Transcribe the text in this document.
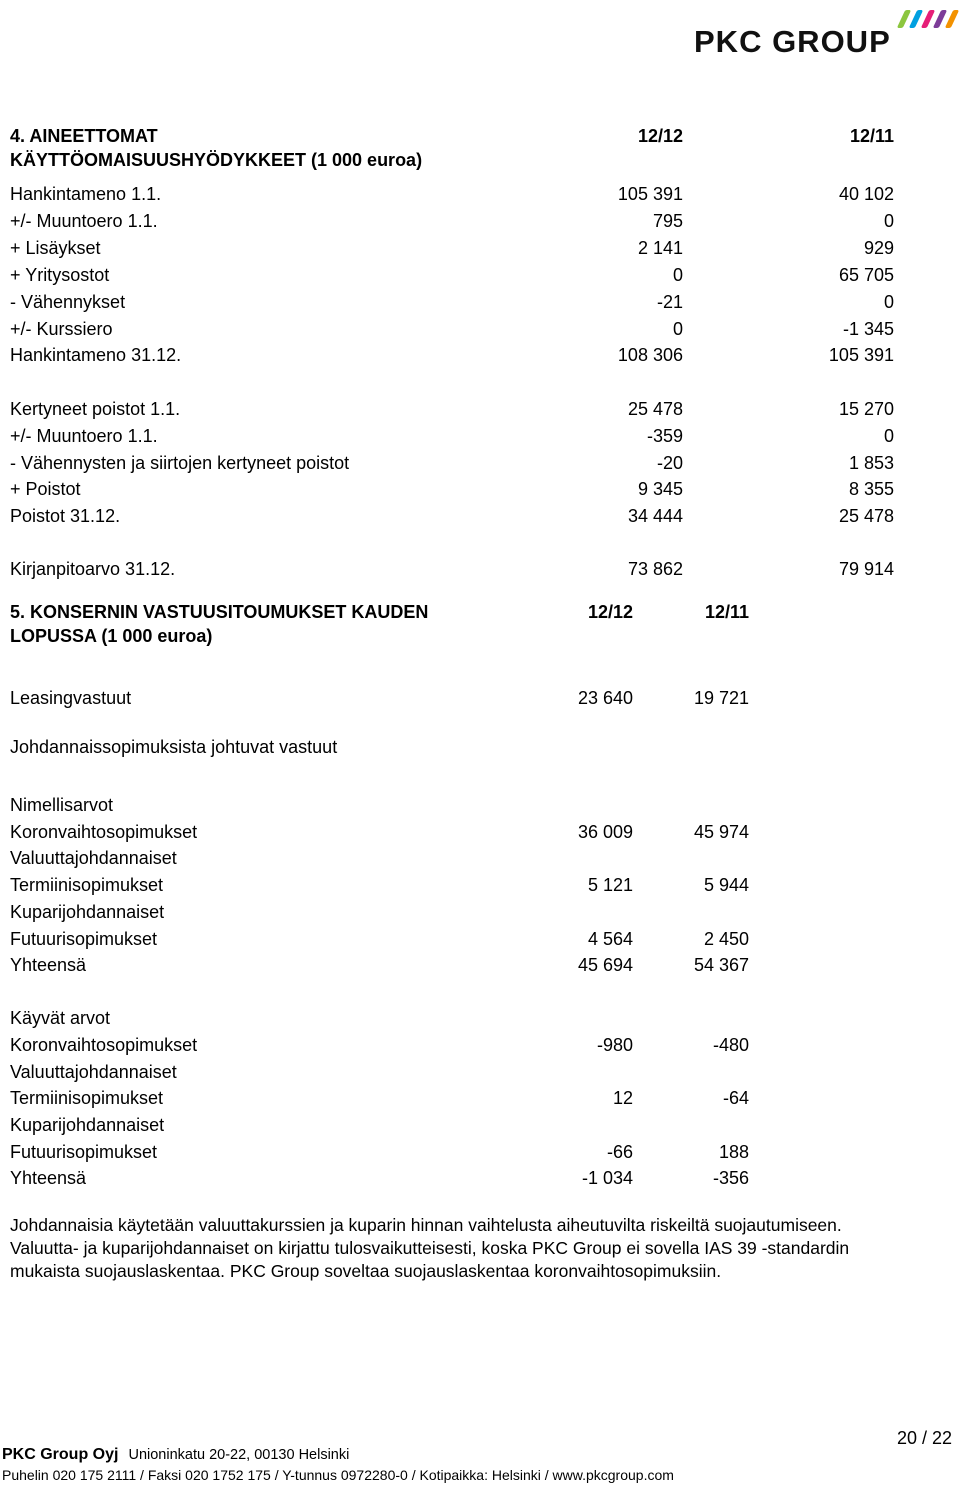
PKC GROUP
4. AINEETTOMAT	12/12	12/11
KÄYTTÖOMAISUUSHYÖDYKKEET (1 000 euroa)
Hankintameno 1.1.	105 391	40 102
+/- Muuntoero 1.1.	795	0
+ Lisäykset	2 141	929
+ Yritysostot	0	65 705
- Vähennykset	-21	0
+/- Kurssiero	0	-1 345
Hankintameno 31.12.	108 306	105 391
Kertyneet poistot 1.1.	25 478	15 270
+/- Muuntoero 1.1.	-359	0
- Vähennysten ja siirtojen kertyneet poistot	-20	1 853
+ Poistot	9 345	8 355
Poistot 31.12.	34 444	25 478
Kirjanpitoarvo 31.12.	73 862	79 914
5. KONSERNIN VASTUUSITOUMUKSET KAUDEN	12/12	12/11
LOPUSSA (1 000 euroa)
Leasingvastuut	23 640	19 721
Johdannaissopimuksista johtuvat vastuut
Nimellisarvot
Koronvaihtosopimukset	36 009	45 974
Valuuttajohdannaiset
Termiinisopimukset	5 121	5 944
Kuparijohdannaiset
Futuurisopimukset	4 564	2 450
Yhteensä	45 694	54 367
Käyvät arvot
Koronvaihtosopimukset	-980	-480
Valuuttajohdannaiset
Termiinisopimukset	12	-64
Kuparijohdannaiset
Futuurisopimukset	-66	188
Yhteensä	-1 034	-356
Johdannaisia käytetään valuuttakurssien ja kuparin hinnan vaihtelusta aiheutuvilta riskeiltä suojautumiseen.
Valuutta- ja kuparijohdannaiset on kirjattu tulosvaikutteisesti, koska PKC Group ei sovella IAS 39 -standardin
mukaista suojauslaskentaa. PKC Group soveltaa suojauslaskentaa koronvaihtosopimuksiin.
20 / 22
PKC Group Oyj Unioninkatu 20-22, 00130 Helsinki
Puhelin 020 175 2111 / Faksi 020 1752 175 / Y-tunnus 0972280-0 / Kotipaikka: Helsinki / www.pkcgroup.com
